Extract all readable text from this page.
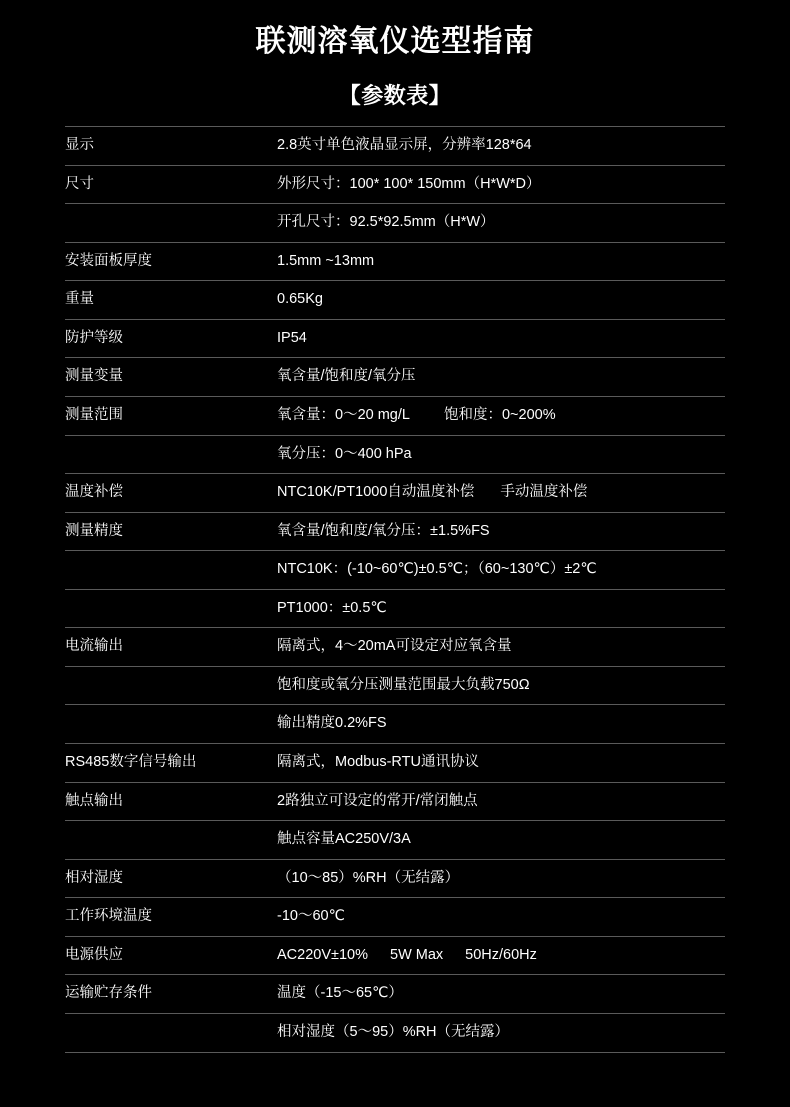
联测溶氧仪选型指南
【参数表】
显示	2.8英寸单色液晶显示屏，分辨率128*64
尺寸	外形尺寸：100* 100* 150mm（H*W*D）
	开孔尺寸：92.5*92.5mm（H*W）
安装面板厚度	1.5mm ~13mm
重量	0.65Kg
防护等级	IP54
测量变量	氧含量/饱和度/氧分压
测量范围	氧含量：0～20 mg/L 饱和度：0~200%
	氧分压：0～400 hPa
温度补偿	NTC10K/PT1000自动温度补偿 手动温度补偿
测量精度	氧含量/饱和度/氧分压：±1.5%FS
	NTC10K：(-10~60℃)±0.5℃；（60~130℃）±2℃
	PT1000：±0.5℃
电流输出	隔离式，4～20mA可设定对应氧含量
	饱和度或氧分压测量范围最大负载750Ω
	输出精度0.2%FS
RS485数字信号输出	隔离式，Modbus-RTU通讯协议
触点输出	2路独立可设定的常开/常闭触点
	触点容量AC250V/3A
相对湿度	（10～85）%RH（无结露）
工作环境温度	-10～60℃
电源供应	AC220V±10% 5W Max 50Hz/60Hz
运输贮存条件	温度（-15～65℃）
	相对湿度（5～95）%RH（无结露）
